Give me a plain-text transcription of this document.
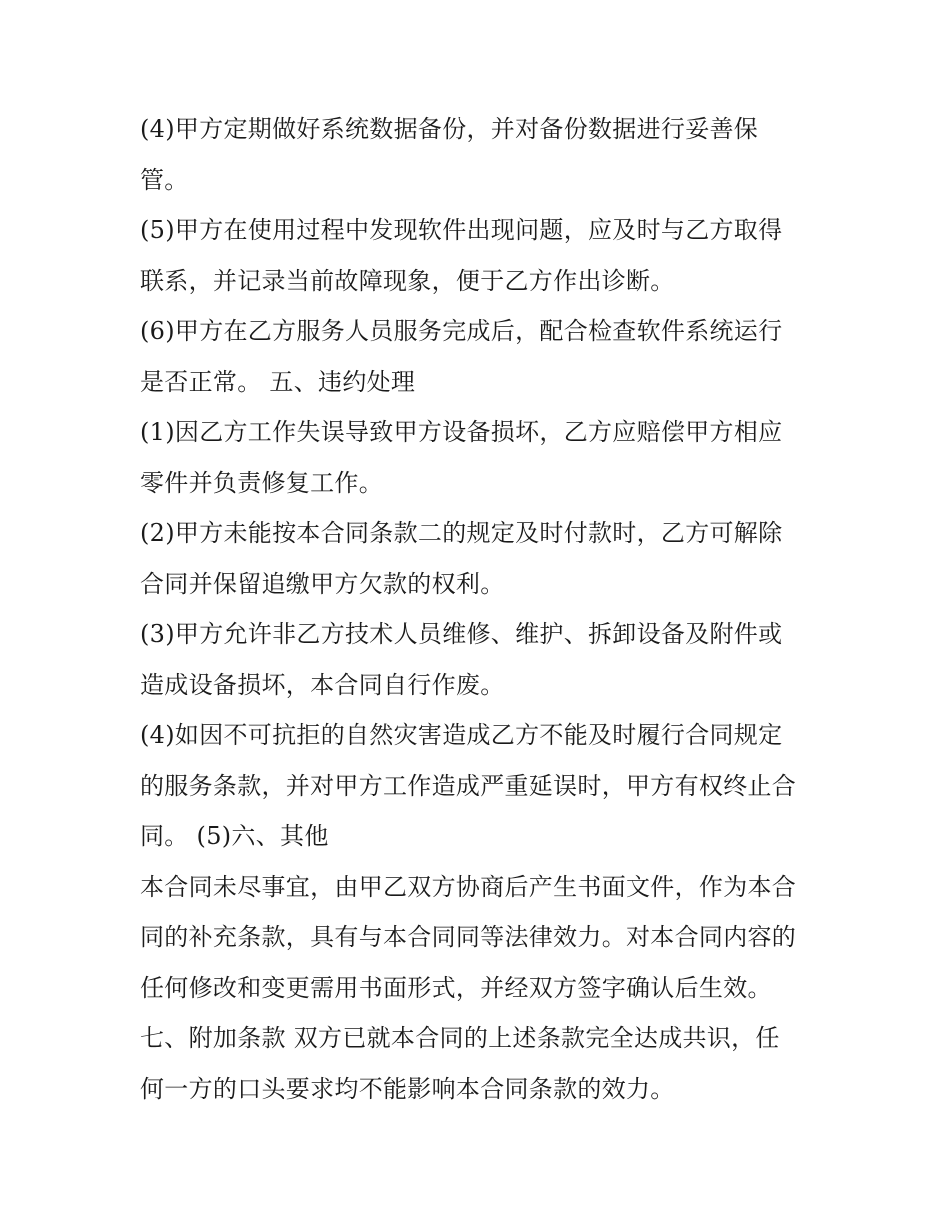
(4)甲方定期做好系统数据备份，并对备份数据进行妥善保
管。
(5)甲方在使用过程中发现软件出现问题，应及时与乙方取得
联系，并记录当前故障现象，便于乙方作出诊断。
(6)甲方在乙方服务人员服务完成后，配合检查软件系统运行
是否正常。 五、违约处理
(1)因乙方工作失误导致甲方设备损坏，乙方应赔偿甲方相应
零件并负责修复工作。
(2)甲方未能按本合同条款二的规定及时付款时，乙方可解除
合同并保留追缴甲方欠款的权利。
(3)甲方允许非乙方技术人员维修、维护、拆卸设备及附件或
造成设备损坏，本合同自行作废。
(4)如因不可抗拒的自然灾害造成乙方不能及时履行合同规定
的服务条款，并对甲方工作造成严重延误时，甲方有权终止合
同。 (5)六、其他
本合同未尽事宜，由甲乙双方协商后产生书面文件，作为本合
同的补充条款，具有与本合同同等法律效力。对本合同内容的
任何修改和变更需用书面形式，并经双方签字确认后生效。
七、附加条款 双方已就本合同的上述条款完全达成共识，任
何一方的口头要求均不能影响本合同条款的效力。
